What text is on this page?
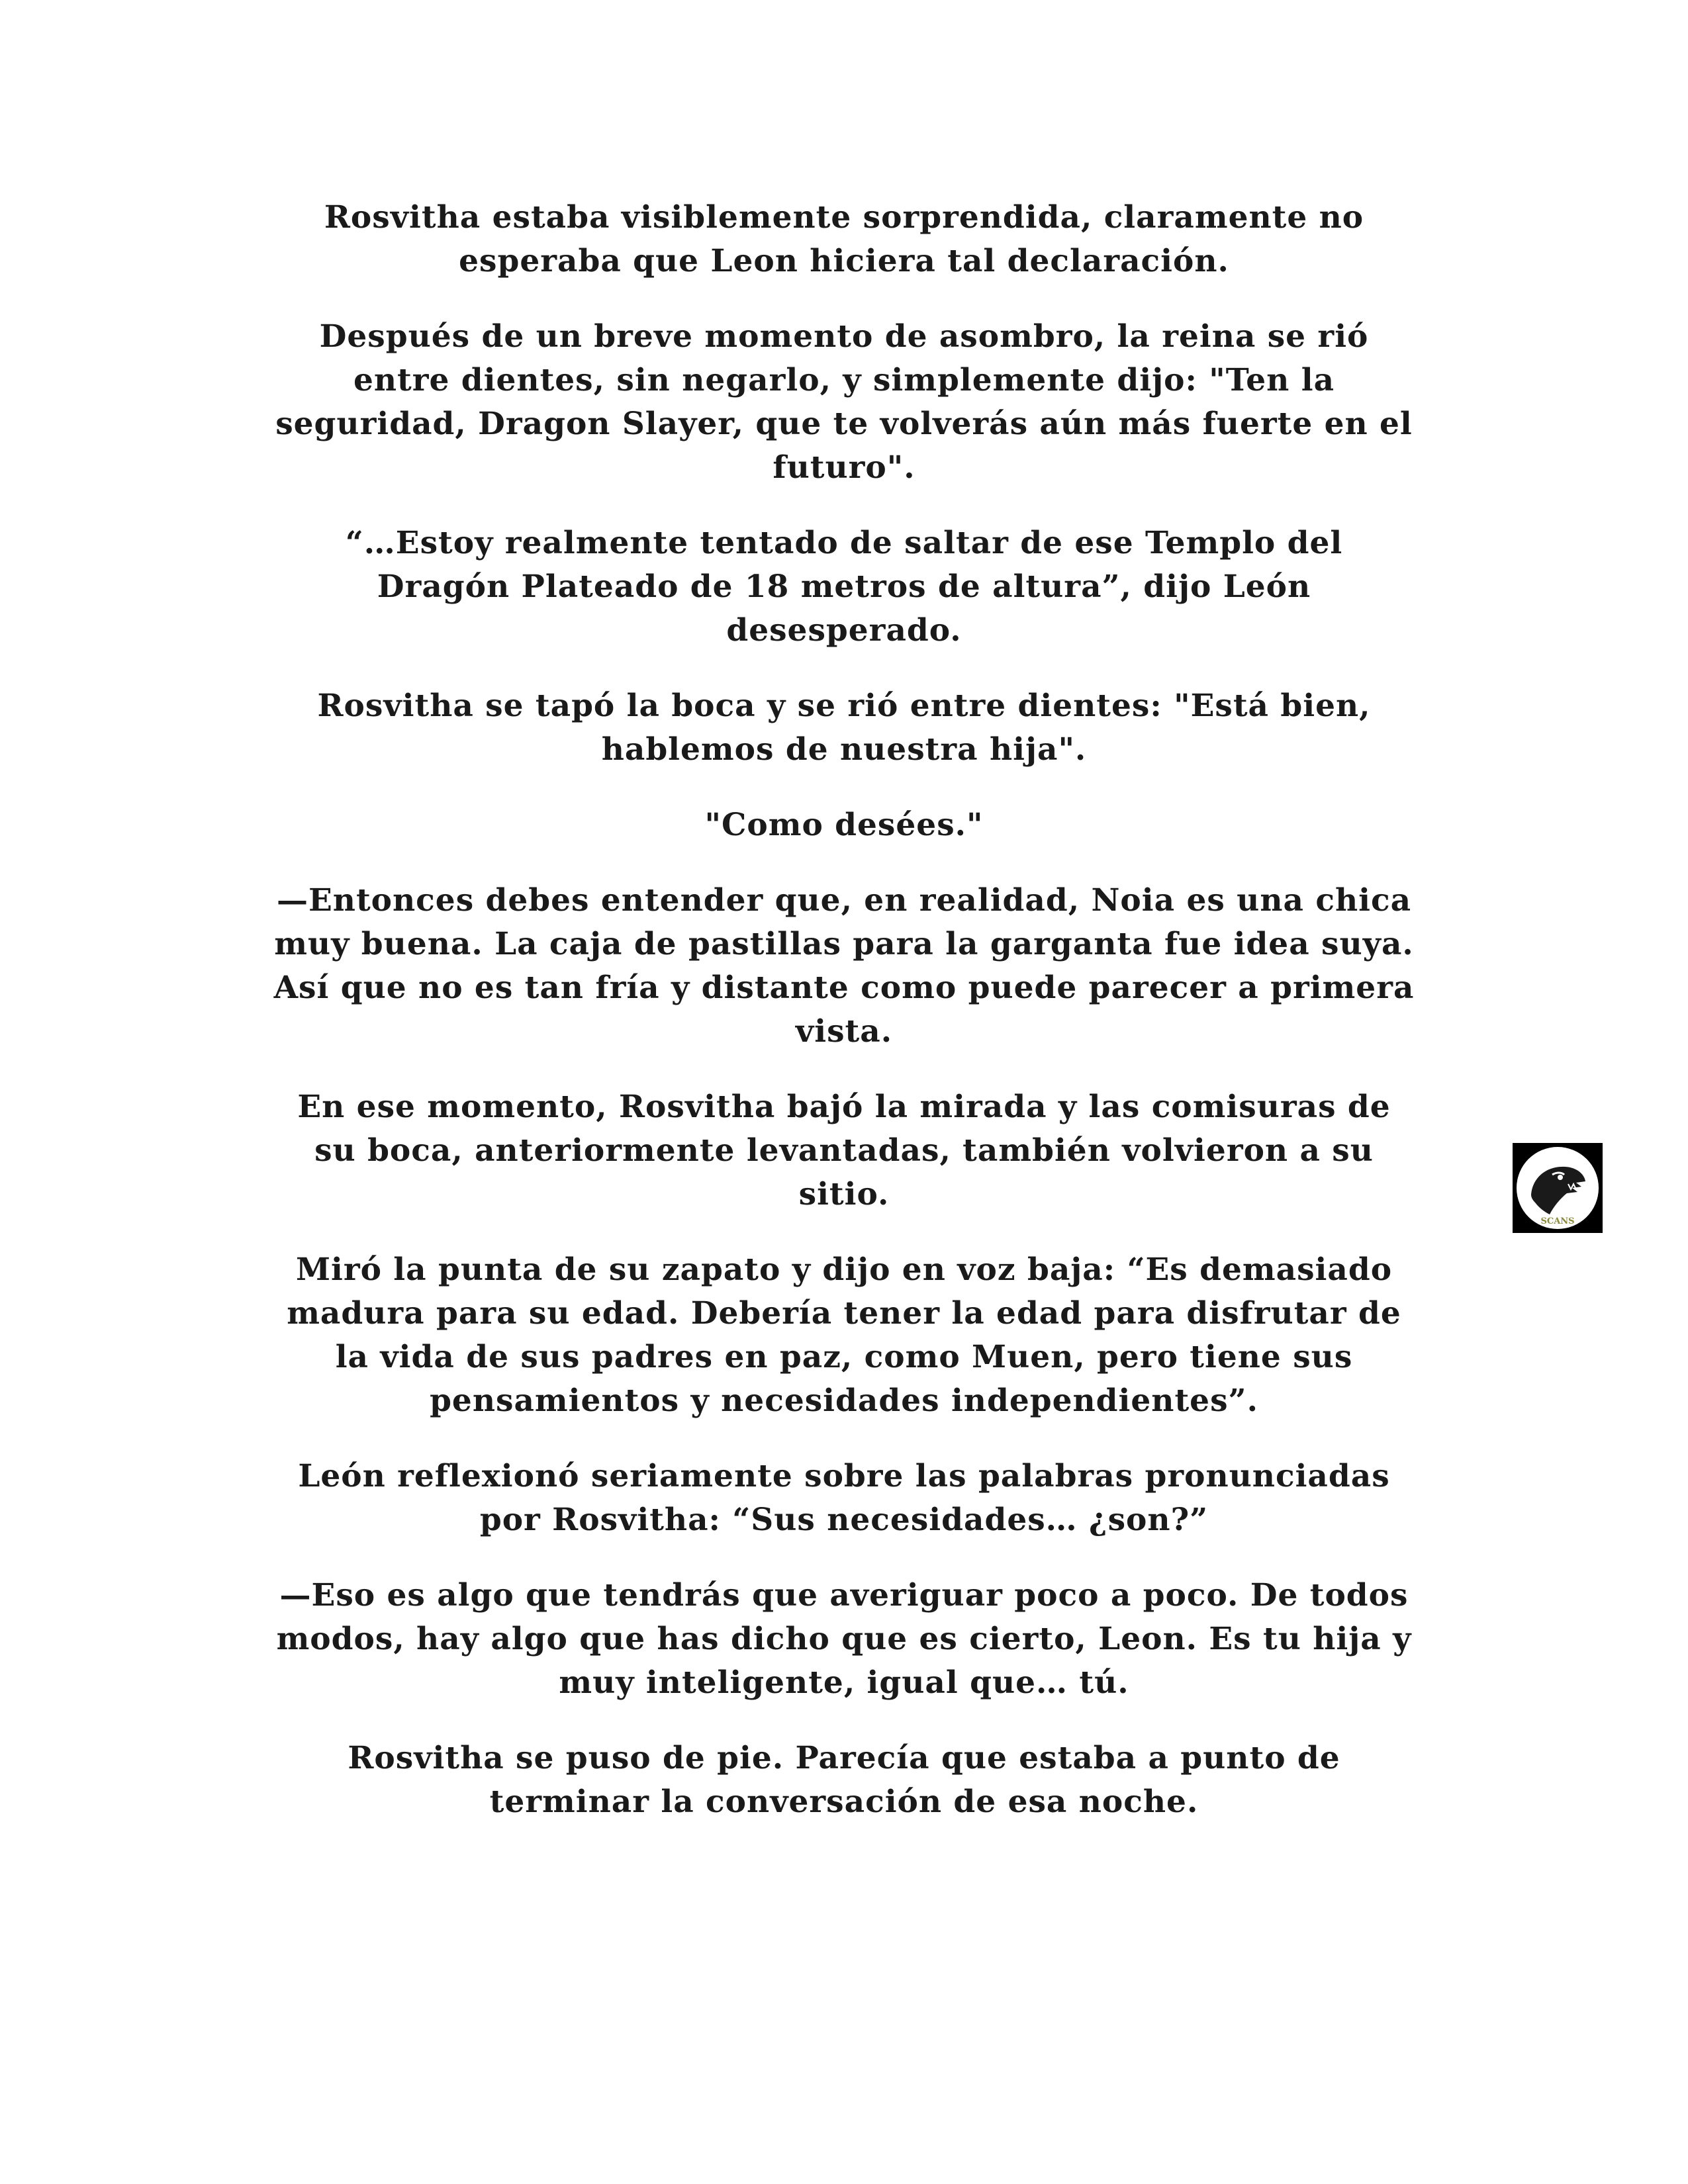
Rosvitha estaba visiblemente sorprendida, claramente no
esperaba que Leon hiciera tal declaración.

Después de un breve momento de asombro, la reina se rió
entre dientes, sin negarlo, y simplemente dijo: "Ten la
seguridad, Dragon Slayer, que te volverás aún más fuerte en el
futuro".

“…Estoy realmente tentado de saltar de ese Templo del
Dragón Plateado de 18 metros de altura”, dijo León
desesperado.

Rosvitha se tapó la boca y se rió entre dientes: "Está bien,
hablemos de nuestra hija".

"Como desées."

—Entonces debes entender que, en realidad, Noia es una chica
muy buena. La caja de pastillas para la garganta fue idea suya.
Así que no es tan fría y distante como puede parecer a primera
vista.

En ese momento, Rosvitha bajó la mirada y las comisuras de
su boca, anteriormente levantadas, también volvieron a su
sitio.

Miró la punta de su zapato y dijo en voz baja: “Es demasiado
madura para su edad. Debería tener la edad para disfrutar de
la vida de sus padres en paz, como Muen, pero tiene sus
pensamientos y necesidades independientes”.

León reflexionó seriamente sobre las palabras pronunciadas
por Rosvitha: “Sus necesidades… ¿son?”

—Eso es algo que tendrás que averiguar poco a poco. De todos
modos, hay algo que has dicho que es cierto, Leon. Es tu hija y
muy inteligente, igual que… tú.

Rosvitha se puso de pie. Parecía que estaba a punto de
terminar la conversación de esa noche.

SCANS
